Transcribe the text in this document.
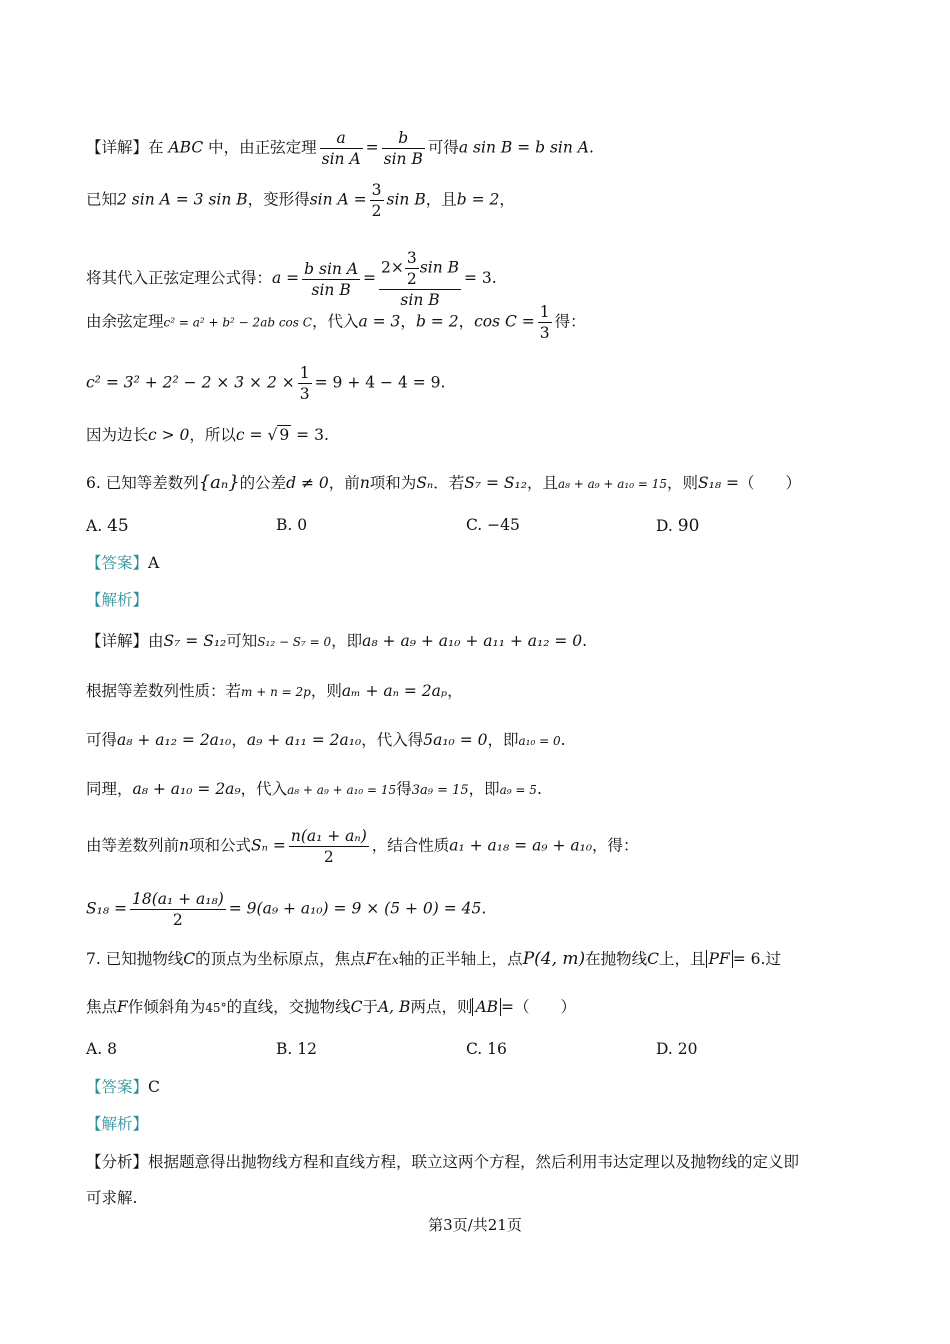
【详解】在 ABC 中，由正弦定理 $\frac{a}{\text{sin A}} = \frac{b}{\text{sin B}}$ 可得a sin B = b sin A.
已知2 sin A = 3 sin B，变形得$\sin A = \frac{3}{2}$ sin B，且b = 2，
将其代入正弦定理公式得：$a = \frac{\text{b sin A}}{\text{sin B}} = \frac{2\times \frac{3}{2} \sin B}{\text{sin B}} = 3$.
由余弦定理c² = a² + b² − 2ab cos C，代入a = 3，b = 2，$\cos C = \frac{1}{3}$ 得：
$c^2 = 3^2 + 2^2 - 2 \times 3 \times 2 \times \frac{1}{3} = 9 + 4 - 4 = 9$.
因为边长c > 0，所以c = √ 9 = 3.
6. 已知等差数列{aₙ}的公差d ≠ 0，前n项和为Sₙ．若S₇ = S₁₂，且a₈ + a₉ + a₁₀ = 15，则S₁₈ =（　　）
A. 45	B. 0	C. −45	D. 90
【答案】A
【解析】
【详解】由S₇ = S₁₂可知S₁₂ − S₇ = 0，即a₈ + a₉ + a₁₀ + a₁₁ + a₁₂ = 0.
根据等差数列性质：若m + n = 2p，则aₘ + aₙ = 2aₚ，
可得a₈ + a₁₂ = 2a₁₀，a₉ + a₁₁ = 2a₁₀，代入得5a₁₀ = 0，即a₁₀ = 0.
同理，a₈ + a₁₀ = 2a₉，代入a₈ + a₉ + a₁₀ = 15得3a₉ = 15，即a₉ = 5.
由等差数列前n项和公式$S_n = \frac{\text{n(a₁ + aₙ)}}{2}$ ，结合性质a₁ + a₁₈ = a₉ + a₁₀，得：
$S_{18} = \frac{\text{18(a₁ + a₁₈)}}{2} = 9(a_9 + a_{10}) = 9 \times (5 + 0) = 45$.
7. 已知抛物线C的顶点为坐标原点，焦点F在x轴的正半轴上，点P(4, m)在抛物线C上，且 PF = 6.过
焦点F作倾斜角为45°的直线，交抛物线C于A, B两点，则 AB =（　　）
A. 8	B. 12	C. 16	D. 20
【答案】C
【解析】
【分析】根据题意得出抛物线方程和直线方程，联立这两个方程，然后利用韦达定理以及抛物线的定义即
可求解.
第3页/共21页
